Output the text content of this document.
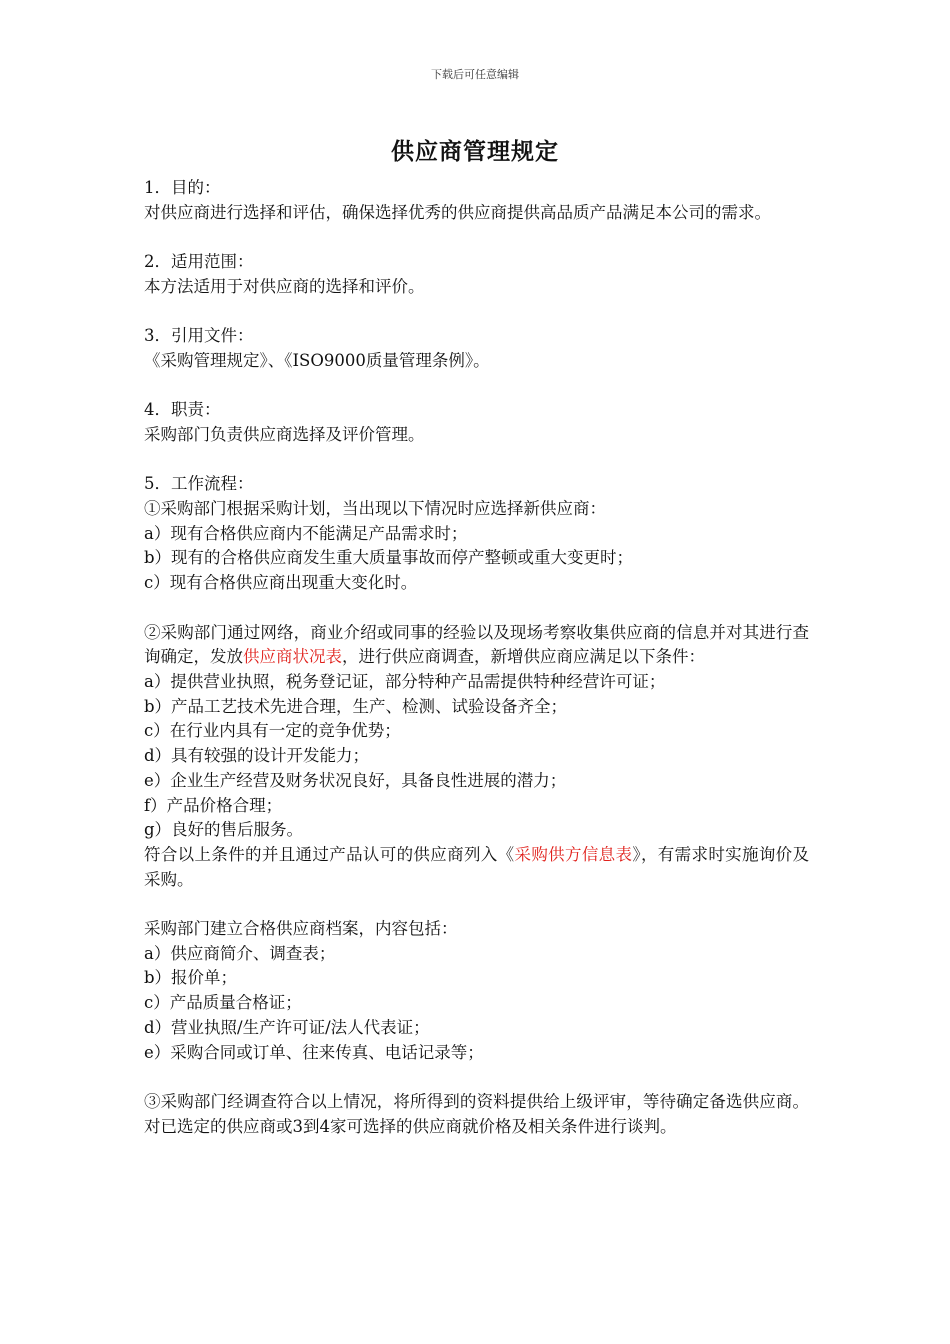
下载后可任意编辑
供应商管理规定

1．目的：

对供应商进行选择和评估，确保选择优秀的供应商提供高品质产品满足本公司的需求。

2．适用范围：

本方法适用于对供应商的选择和评价。

3．引用文件：

《采购管理规定》、《ISO9000质量管理条例》。

4．职责：

采购部门负责供应商选择及评价管理。

5．工作流程：

①采购部门根据采购计划，当出现以下情况时应选择新供应商：

a）现有合格供应商内不能满足产品需求时；

b）现有的合格供应商发生重大质量事故而停产整顿或重大变更时；

c）现有合格供应商出现重大变化时。

②采购部门通过网络，商业介绍或同事的经验以及现场考察收集供应商的信息并对其进行查询确定，发放供应商状况表，进行供应商调查，新增供应商应满足以下条件：

a）提供营业执照，税务登记证，部分特种产品需提供特种经营许可证；

b）产品工艺技术先进合理，生产、检测、试验设备齐全；

c）在行业内具有一定的竞争优势；

d）具有较强的设计开发能力；

e）企业生产经营及财务状况良好，具备良性进展的潜力；

f）产品价格合理；

g）良好的售后服务。

符合以上条件的并且通过产品认可的供应商列入《采购供方信息表》，有需求时实施询价及采购。

采购部门建立合格供应商档案，内容包括：

a）供应商简介、调查表；

b）报价单；

c）产品质量合格证；

d）营业执照/生产许可证/法人代表证；

e）采购合同或订单、往来传真、电话记录等；

③采购部门经调查符合以上情况，将所得到的资料提供给上级评审，等待确定备选供应商。对已选定的供应商或3到4家可选择的供应商就价格及相关条件进行谈判。
